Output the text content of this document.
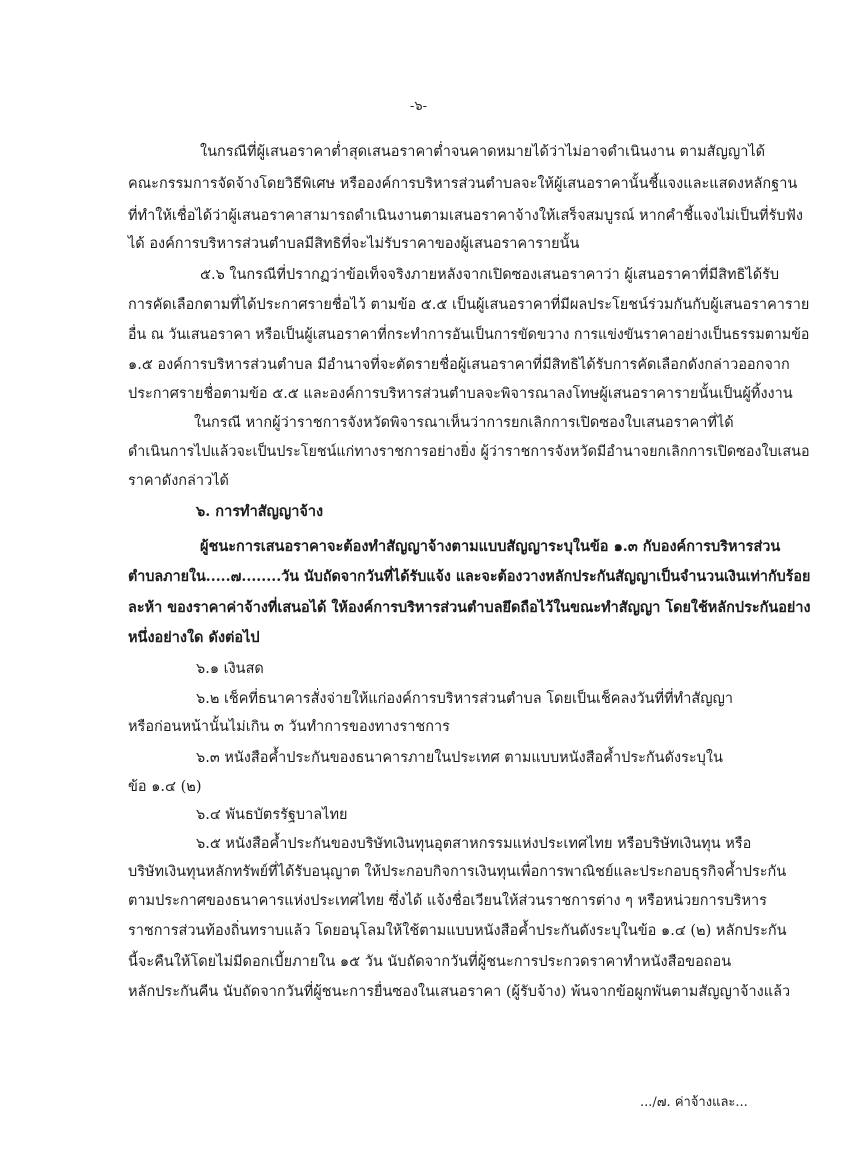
-๖-
ในกรณีที่ผู้เสนอราคาต่ำสุดเสนอราคาต่ำจนคาดหมายได้ว่าไม่อาจดำเนินงาน ตามสัญญาได้
คณะกรรมการจัดจ้างโดยวิธีพิเศษ หรือองค์การบริหารส่วนตำบลจะให้ผู้เสนอราคานั้นชี้แจงและแสดงหลักฐาน
ที่ทำให้เชื่อได้ว่าผู้เสนอราคาสามารถดำเนินงานตามเสนอราคาจ้างให้เสร็จสมบูรณ์ หากคำชี้แจงไม่เป็นที่รับฟัง
ได้ องค์การบริหารส่วนตำบลมีสิทธิที่จะไม่รับราคาของผู้เสนอราคารายนั้น
๕.๖ ในกรณีที่ปรากฏว่าข้อเท็จจริงภายหลังจากเปิดซองเสนอราคาว่า ผู้เสนอราคาที่มีสิทธิได้รับ
การคัดเลือกตามที่ได้ประกาศรายชื่อไว้ ตามข้อ ๕.๕ เป็นผู้เสนอราคาที่มีผลประโยชน์ร่วมกันกับผู้เสนอราคาราย
อื่น ณ วันเสนอราคา หรือเป็นผู้เสนอราคาที่กระทำการอันเป็นการขัดขวาง การแข่งขันราคาอย่างเป็นธรรมตามข้อ
๑.๕ องค์การบริหารส่วนตำบล มีอำนาจที่จะตัดรายชื่อผู้เสนอราคาที่มีสิทธิได้รับการคัดเลือกดังกล่าวออกจาก
ประกาศรายชื่อตามข้อ ๕.๕ และองค์การบริหารส่วนตำบลจะพิจารณาลงโทษผู้เสนอราคารายนั้นเป็นผู้ทิ้งงาน
ในกรณี หากผู้ว่าราชการจังหวัดพิจารณาเห็นว่าการยกเลิกการเปิดซองใบเสนอราคาที่ได้
ดำเนินการไปแล้วจะเป็นประโยชน์แก่ทางราชการอย่างยิ่ง ผู้ว่าราชการจังหวัดมีอำนาจยกเลิกการเปิดซองใบเสนอ
ราคาดังกล่าวได้
๖. การทำสัญญาจ้าง
ผู้ชนะการเสนอราคาจะต้องทำสัญญาจ้างตามแบบสัญญาระบุในข้อ ๑.๓ กับองค์การบริหารส่วน
ตำบลภายใน.....๗........วัน นับถัดจากวันที่ได้รับแจ้ง และจะต้องวางหลักประกันสัญญาเป็นจำนวนเงินเท่ากับร้อย
ละห้า ของราคาค่าจ้างที่เสนอได้ ให้องค์การบริหารส่วนตำบลยึดถือไว้ในขณะทำสัญญา โดยใช้หลักประกันอย่าง
หนึ่งอย่างใด ดังต่อไป
๖.๑ เงินสด
๖.๒ เช็คที่ธนาคารสั่งจ่ายให้แก่องค์การบริหารส่วนตำบล โดยเป็นเช็คลงวันที่ที่ทำสัญญา
หรือก่อนหน้านั้นไม่เกิน ๓ วันทำการของทางราชการ
๖.๓ หนังสือค้ำประกันของธนาคารภายในประเทศ ตามแบบหนังสือค้ำประกันดังระบุใน
ข้อ ๑.๔ (๒)
๖.๔ พันธบัตรรัฐบาลไทย
๖.๕ หนังสือค้ำประกันของบริษัทเงินทุนอุตสาหกรรมแห่งประเทศไทย หรือบริษัทเงินทุน หรือ
บริษัทเงินทุนหลักทรัพย์ที่ได้รับอนุญาต ให้ประกอบกิจการเงินทุนเพื่อการพาณิชย์และประกอบธุรกิจค้ำประกัน
ตามประกาศของธนาคารแห่งประเทศไทย ซึ่งได้ แจ้งชื่อเวียนให้ส่วนราชการต่าง ๆ หรือหน่วยการบริหาร
ราชการส่วนท้องถิ่นทราบแล้ว โดยอนุโลมให้ใช้ตามแบบหนังสือค้ำประกันดังระบุในข้อ ๑.๔ (๒) หลักประกัน
นี้จะคืนให้โดยไม่มีดอกเบี้ยภายใน ๑๕ วัน นับถัดจากวันที่ผู้ชนะการประกวดราคาทำหนังสือขอถอน
หลักประกันคืน นับถัดจากวันที่ผู้ชนะการยื่นซองในเสนอราคา (ผู้รับจ้าง) พ้นจากข้อผูกพันตามสัญญาจ้างแล้ว
.../๗. ค่าจ้างและ...
